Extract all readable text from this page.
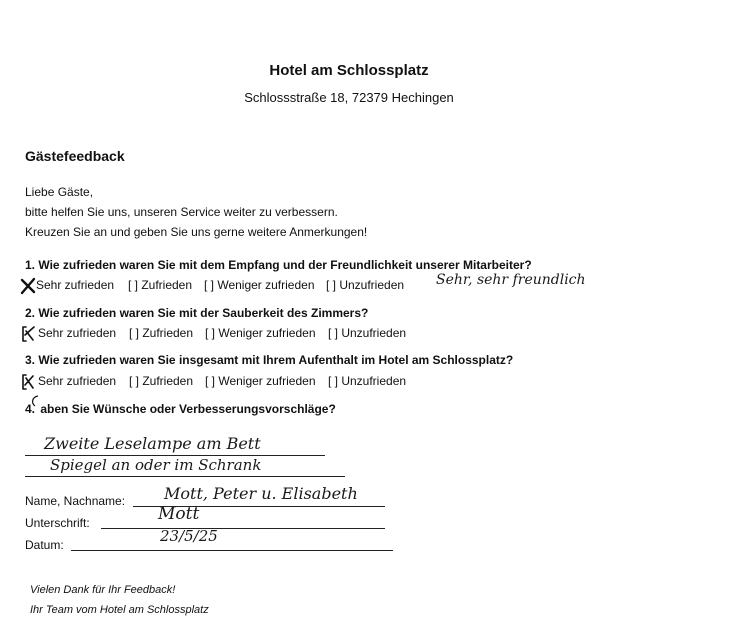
Hotel am Schlossplatz
Schlossstraße 18, 72379 Hechingen
Gästefeedback
Liebe Gäste,
bitte helfen Sie uns, unseren Service weiter zu verbessern.
Kreuzen Sie an und geben Sie uns gerne weitere Anmerkungen!
1. Wie zufrieden waren Sie mit dem Empfang und der Freundlichkeit unserer Mitarbeiter?
Sehr zufrieden [ ] Zufrieden [ ] Weniger zufrieden [ ] Unzufrieden Sehr, sehr freundlich
2. Wie zufrieden waren Sie mit der Sauberkeit des Zimmers?
Sehr zufrieden [ ] Zufrieden [ ] Weniger zufrieden [ ] Unzufrieden
3. Wie zufrieden waren Sie insgesamt mit Ihrem Aufenthalt im Hotel am Schlossplatz?
Sehr zufrieden [ ] Zufrieden [ ] Weniger zufrieden [ ] Unzufrieden
4. aben Sie Wünsche oder Verbesserungsvorschläge?
Zweite Leselampe am Bett
Spiegel an oder im Schrank
Name, Nachname: Mott, Peter u. Elisabeth
Unterschrift:	Mott
Datum:	23/5/25
Vielen Dank für Ihr Feedback!
Ihr Team vom Hotel am Schlossplatz
